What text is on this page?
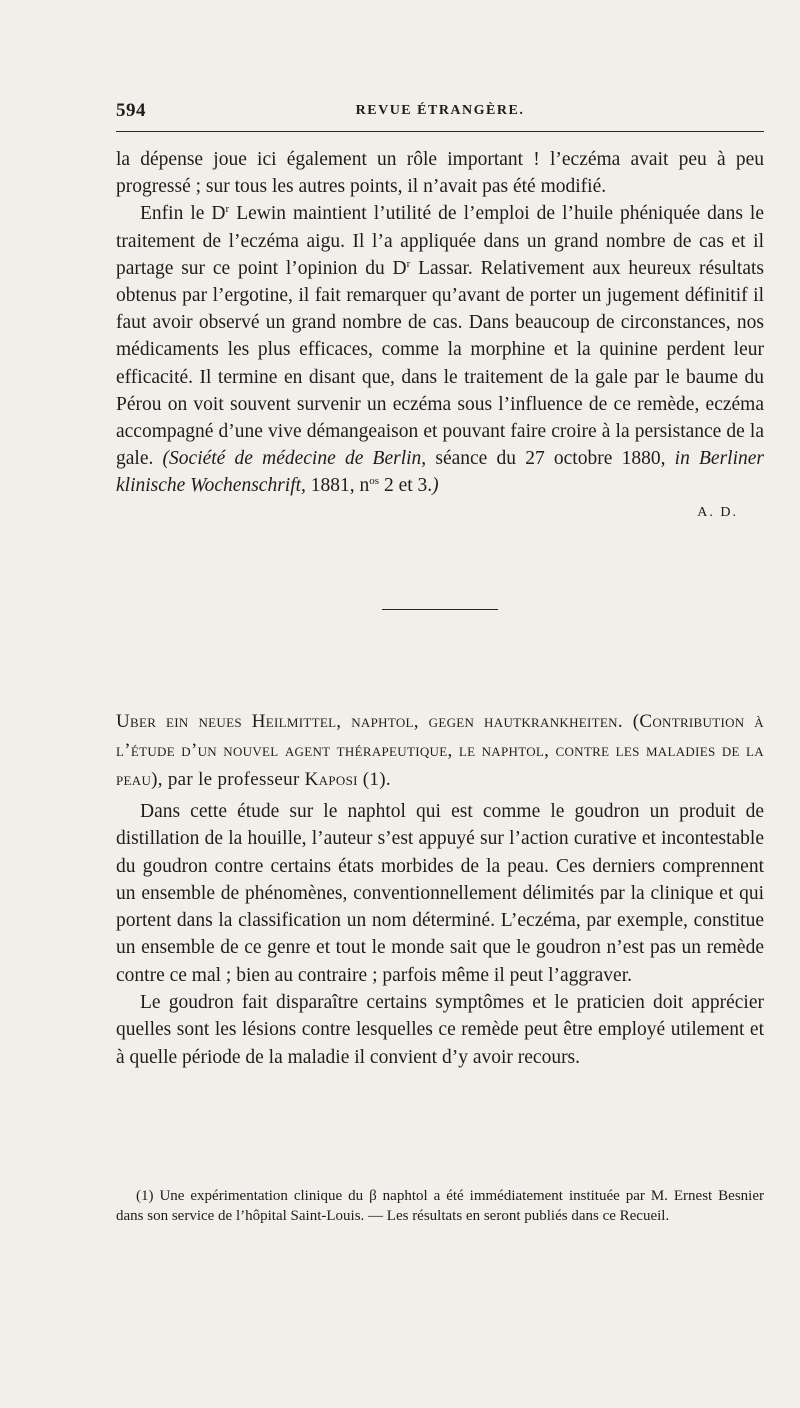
594	REVUE ÉTRANGÈRE.

la dépense joue ici également un rôle important ! l’eczéma avait peu à peu progressé ; sur tous les autres points, il n’avait pas été modifié.

Enfin le $D^r$ Lewin maintient l’utilité de l’emploi de l’huile phéniquée dans le traitement de l’eczéma aigu. Il l’a appliquée dans un grand nombre de cas et il partage sur ce point l’opinion du $D^r$ Lassar. Relativement aux heureux résultats obtenus par l’ergotine, il fait remarquer qu’avant de porter un jugement définitif il faut avoir observé un grand nombre de cas. Dans beaucoup de circonstances, nos médicaments les plus efficaces, comme la morphine et la quinine perdent leur efficacité. Il termine en disant que, dans le traitement de la gale par le baume du Pérou on voit souvent survenir un eczéma sous l’influence de ce remède, eczéma accompagné d’une vive démangeaison et pouvant faire croire à la persistance de la gale. (Société de médecine de Berlin, séance du 27 octobre 1880, in Berliner klinische Wochenschrift, 1881, $n^{os}$ 2 et 3.)

A. D.
Uber ein neues Heilmittel, naphtol, gegen hautkrankheiten. (Contribution à l’étude d’un nouvel agent thérapeutique, le naphtol, contre les maladies de la peau), par le professeur Kaposi (1).

Dans cette étude sur le naphtol qui est comme le goudron un produit de distillation de la houille, l’auteur s’est appuyé sur l’action curative et incontestable du goudron contre certains états morbides de la peau. Ces derniers comprennent un ensemble de phénomènes, conventionnellement délimités par la clinique et qui portent dans la classification un nom déterminé. L’eczéma, par exemple, constitue un ensemble de ce genre et tout le monde sait que le goudron n’est pas un remède contre ce mal ; bien au contraire ; parfois même il peut l’aggraver.

Le goudron fait disparaître certains symptômes et le praticien doit apprécier quelles sont les lésions contre lesquelles ce remède peut être employé utilement et à quelle période de la maladie il convient d’y avoir recours.

(1) Une expérimentation clinique du β naphtol a été immédiatement instituée par M. Ernest Besnier dans son service de l’hôpital Saint-Louis. — Les résultats en seront publiés dans ce Recueil.
